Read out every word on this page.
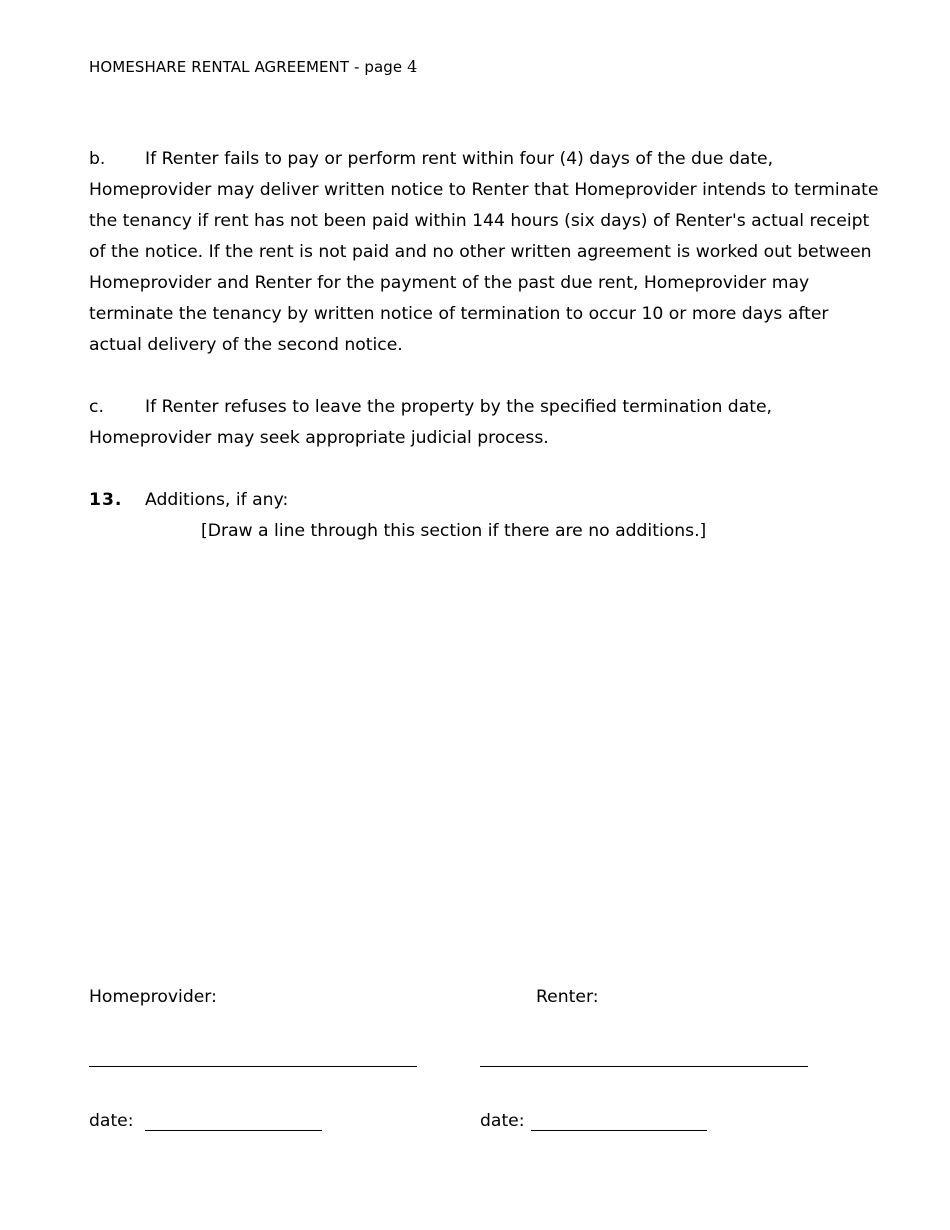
HOMESHARE RENTAL AGREEMENT - page 4

b. If Renter fails to pay or perform rent within four (4) days of the due date, Homeprovider may deliver written notice to Renter that Homeprovider intends to terminate the tenancy if rent has not been paid within 144 hours (six days) of Renter's actual receipt of the notice. If the rent is not paid and no other written agreement is worked out between Homeprovider and Renter for the payment of the past due rent, Homeprovider may terminate the tenancy by written notice of termination to occur 10 or more days after actual delivery of the second notice.

c. If Renter refuses to leave the property by the specified termination date, Homeprovider may seek appropriate judicial process.

13. Additions, if any:
[Draw a line through this section if there are no additions.]
Homeprovider:	Renter:
date:	date:
